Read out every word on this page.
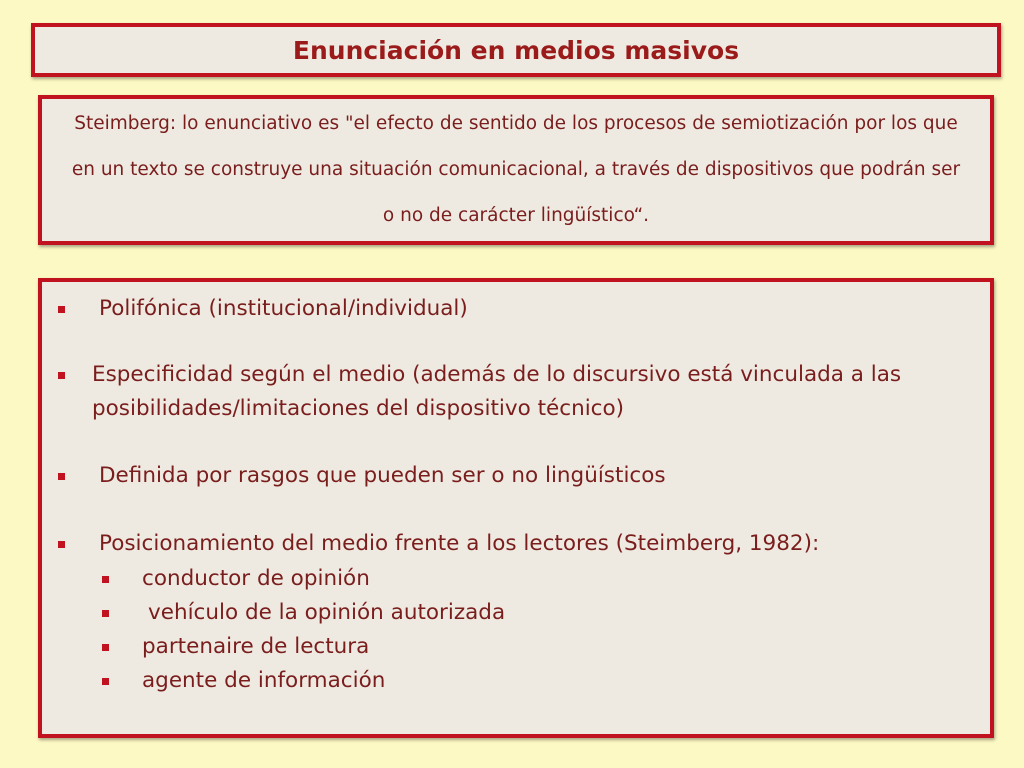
Enunciación en medios masivos

Steimberg: lo enunciativo es "el efecto de sentido de los procesos de semiotización por los que en un texto se construye una situación comunicacional, a través de dispositivos que podrán ser o no de carácter lingüístico“.

Polifónica (institucional/individual)
Especificidad según el medio (además de lo discursivo está vinculada a las posibilidades/limitaciones del dispositivo técnico)
Definida por rasgos que pueden ser o no lingüísticos
Posicionamiento del medio frente a los lectores (Steimberg, 1982):
conductor de opinión
vehículo de la opinión autorizada
partenaire de lectura
agente de información
